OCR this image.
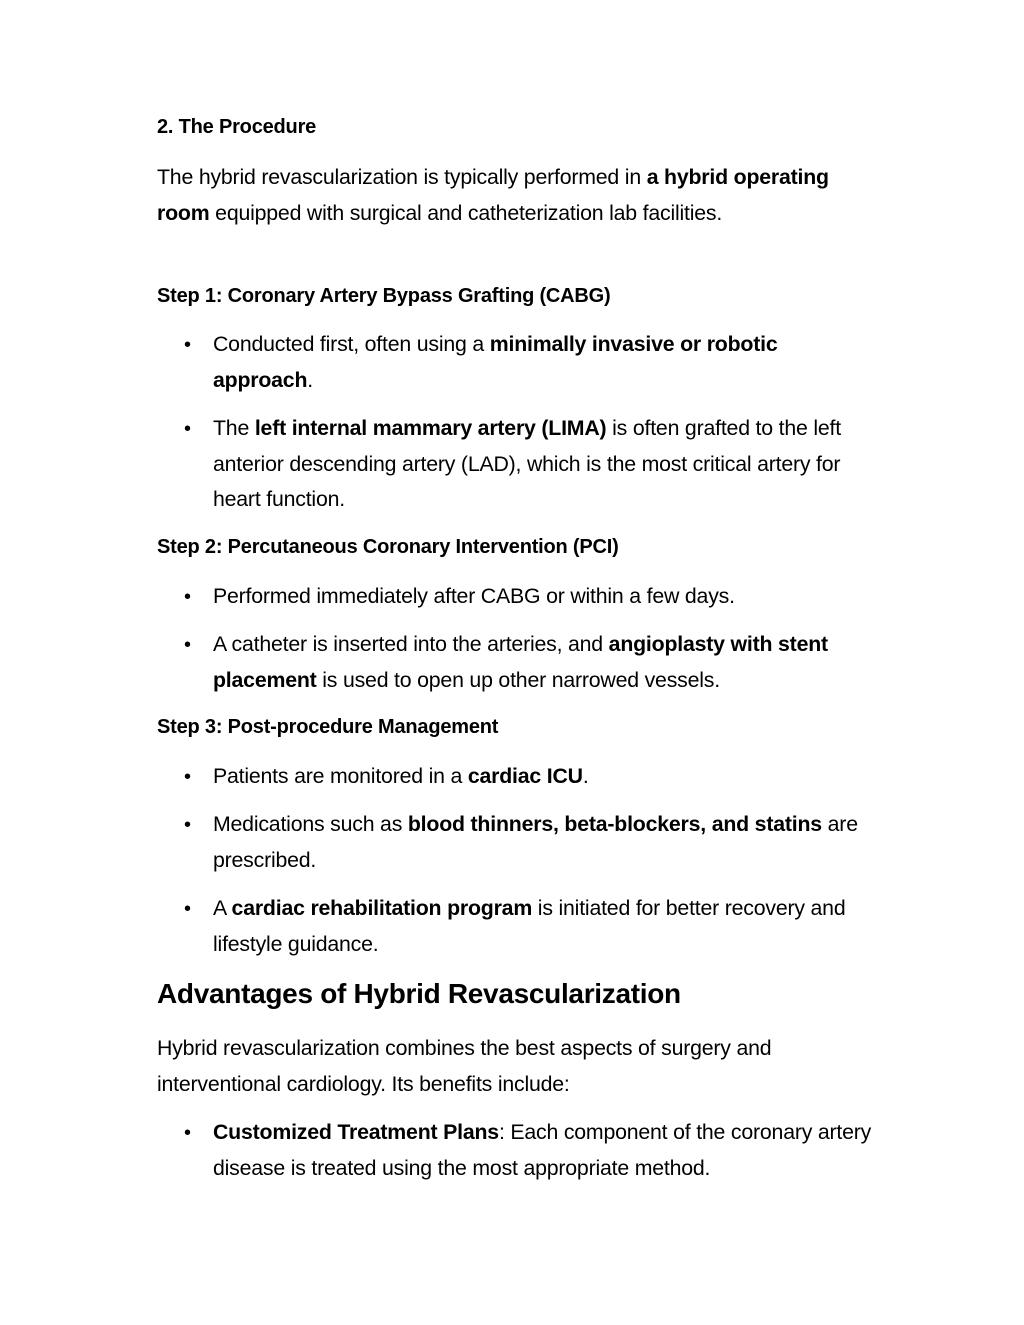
2. The Procedure
The hybrid revascularization is typically performed in a hybrid operating room equipped with surgical and catheterization lab facilities.
Step 1: Coronary Artery Bypass Grafting (CABG)
• Conducted first, often using a minimally invasive or robotic approach.
• The left internal mammary artery (LIMA) is often grafted to the left anterior descending artery (LAD), which is the most critical artery for heart function.
Step 2: Percutaneous Coronary Intervention (PCI)
• Performed immediately after CABG or within a few days.
• A catheter is inserted into the arteries, and angioplasty with stent placement is used to open up other narrowed vessels.
Step 3: Post-procedure Management
• Patients are monitored in a cardiac ICU.
• Medications such as blood thinners, beta-blockers, and statins are prescribed.
• A cardiac rehabilitation program is initiated for better recovery and lifestyle guidance.
Advantages of Hybrid Revascularization
Hybrid revascularization combines the best aspects of surgery and interventional cardiology. Its benefits include:
• Customized Treatment Plans: Each component of the coronary artery disease is treated using the most appropriate method.
